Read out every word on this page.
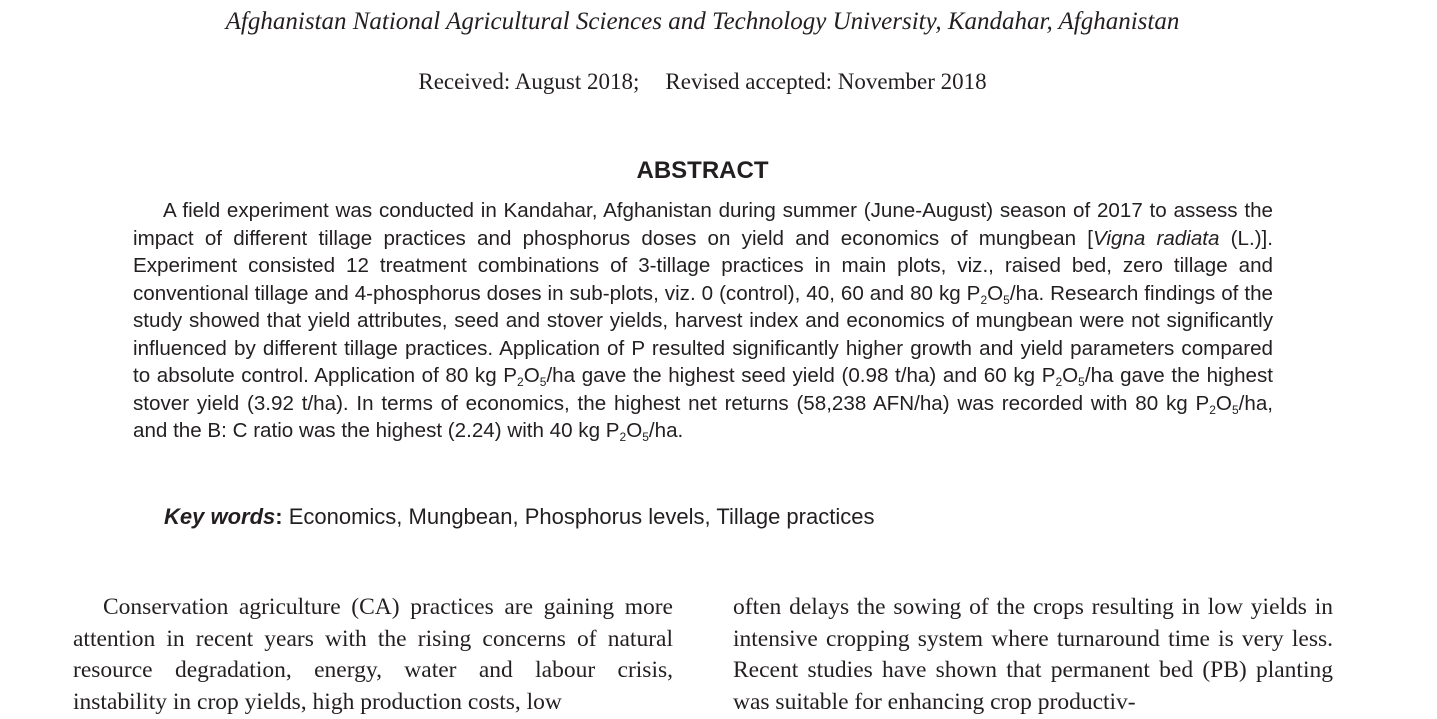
Afghanistan National Agricultural Sciences and Technology University, Kandahar, Afghanistan
Received: August 2018; Revised accepted: November 2018
ABSTRACT

A field experiment was conducted in Kandahar, Afghanistan during summer (June-August) season of 2017 to assess the impact of different tillage practices and phosphorus doses on yield and economics of mungbean [Vigna radiata (L.)]. Experiment consisted 12 treatment combinations of 3-tillage practices in main plots, viz., raised bed, zero tillage and conventional tillage and 4-phosphorus doses in sub-plots, viz. 0 (control), 40, 60 and 80 kg $P_2O_5/ha$. Research findings of the study showed that yield attributes, seed and stover yields, harvest index and economics of mungbean were not significantly influenced by different tillage practices. Application of P resulted significantly higher growth and yield parameters compared to absolute control. Application of 80 kg $P_2O_5/ha$ gave the highest seed yield (0.98 t/ha) and 60 kg $P_2O_5/ha$ gave the highest stover yield (3.92 t/ha). In terms of economics, the highest net returns (58,238 AFN/ha) was recorded with 80 kg $P_2O_5/ha$, and the B: C ratio was the highest (2.24) with 40 kg $P_2O_5/ha$.

Key words: Economics, Mungbean, Phosphorus levels, Tillage practices

Conservation agriculture (CA) practices are gaining more attention in recent years with the rising concerns of natural resource degradation, energy, water and labour crisis, instability in crop yields, high production costs, low

often delays the sowing of the crops resulting in low yields in intensive cropping system where turnaround time is very less. Recent studies have shown that permanent bed (PB) planting was suitable for enhancing crop productiv-
